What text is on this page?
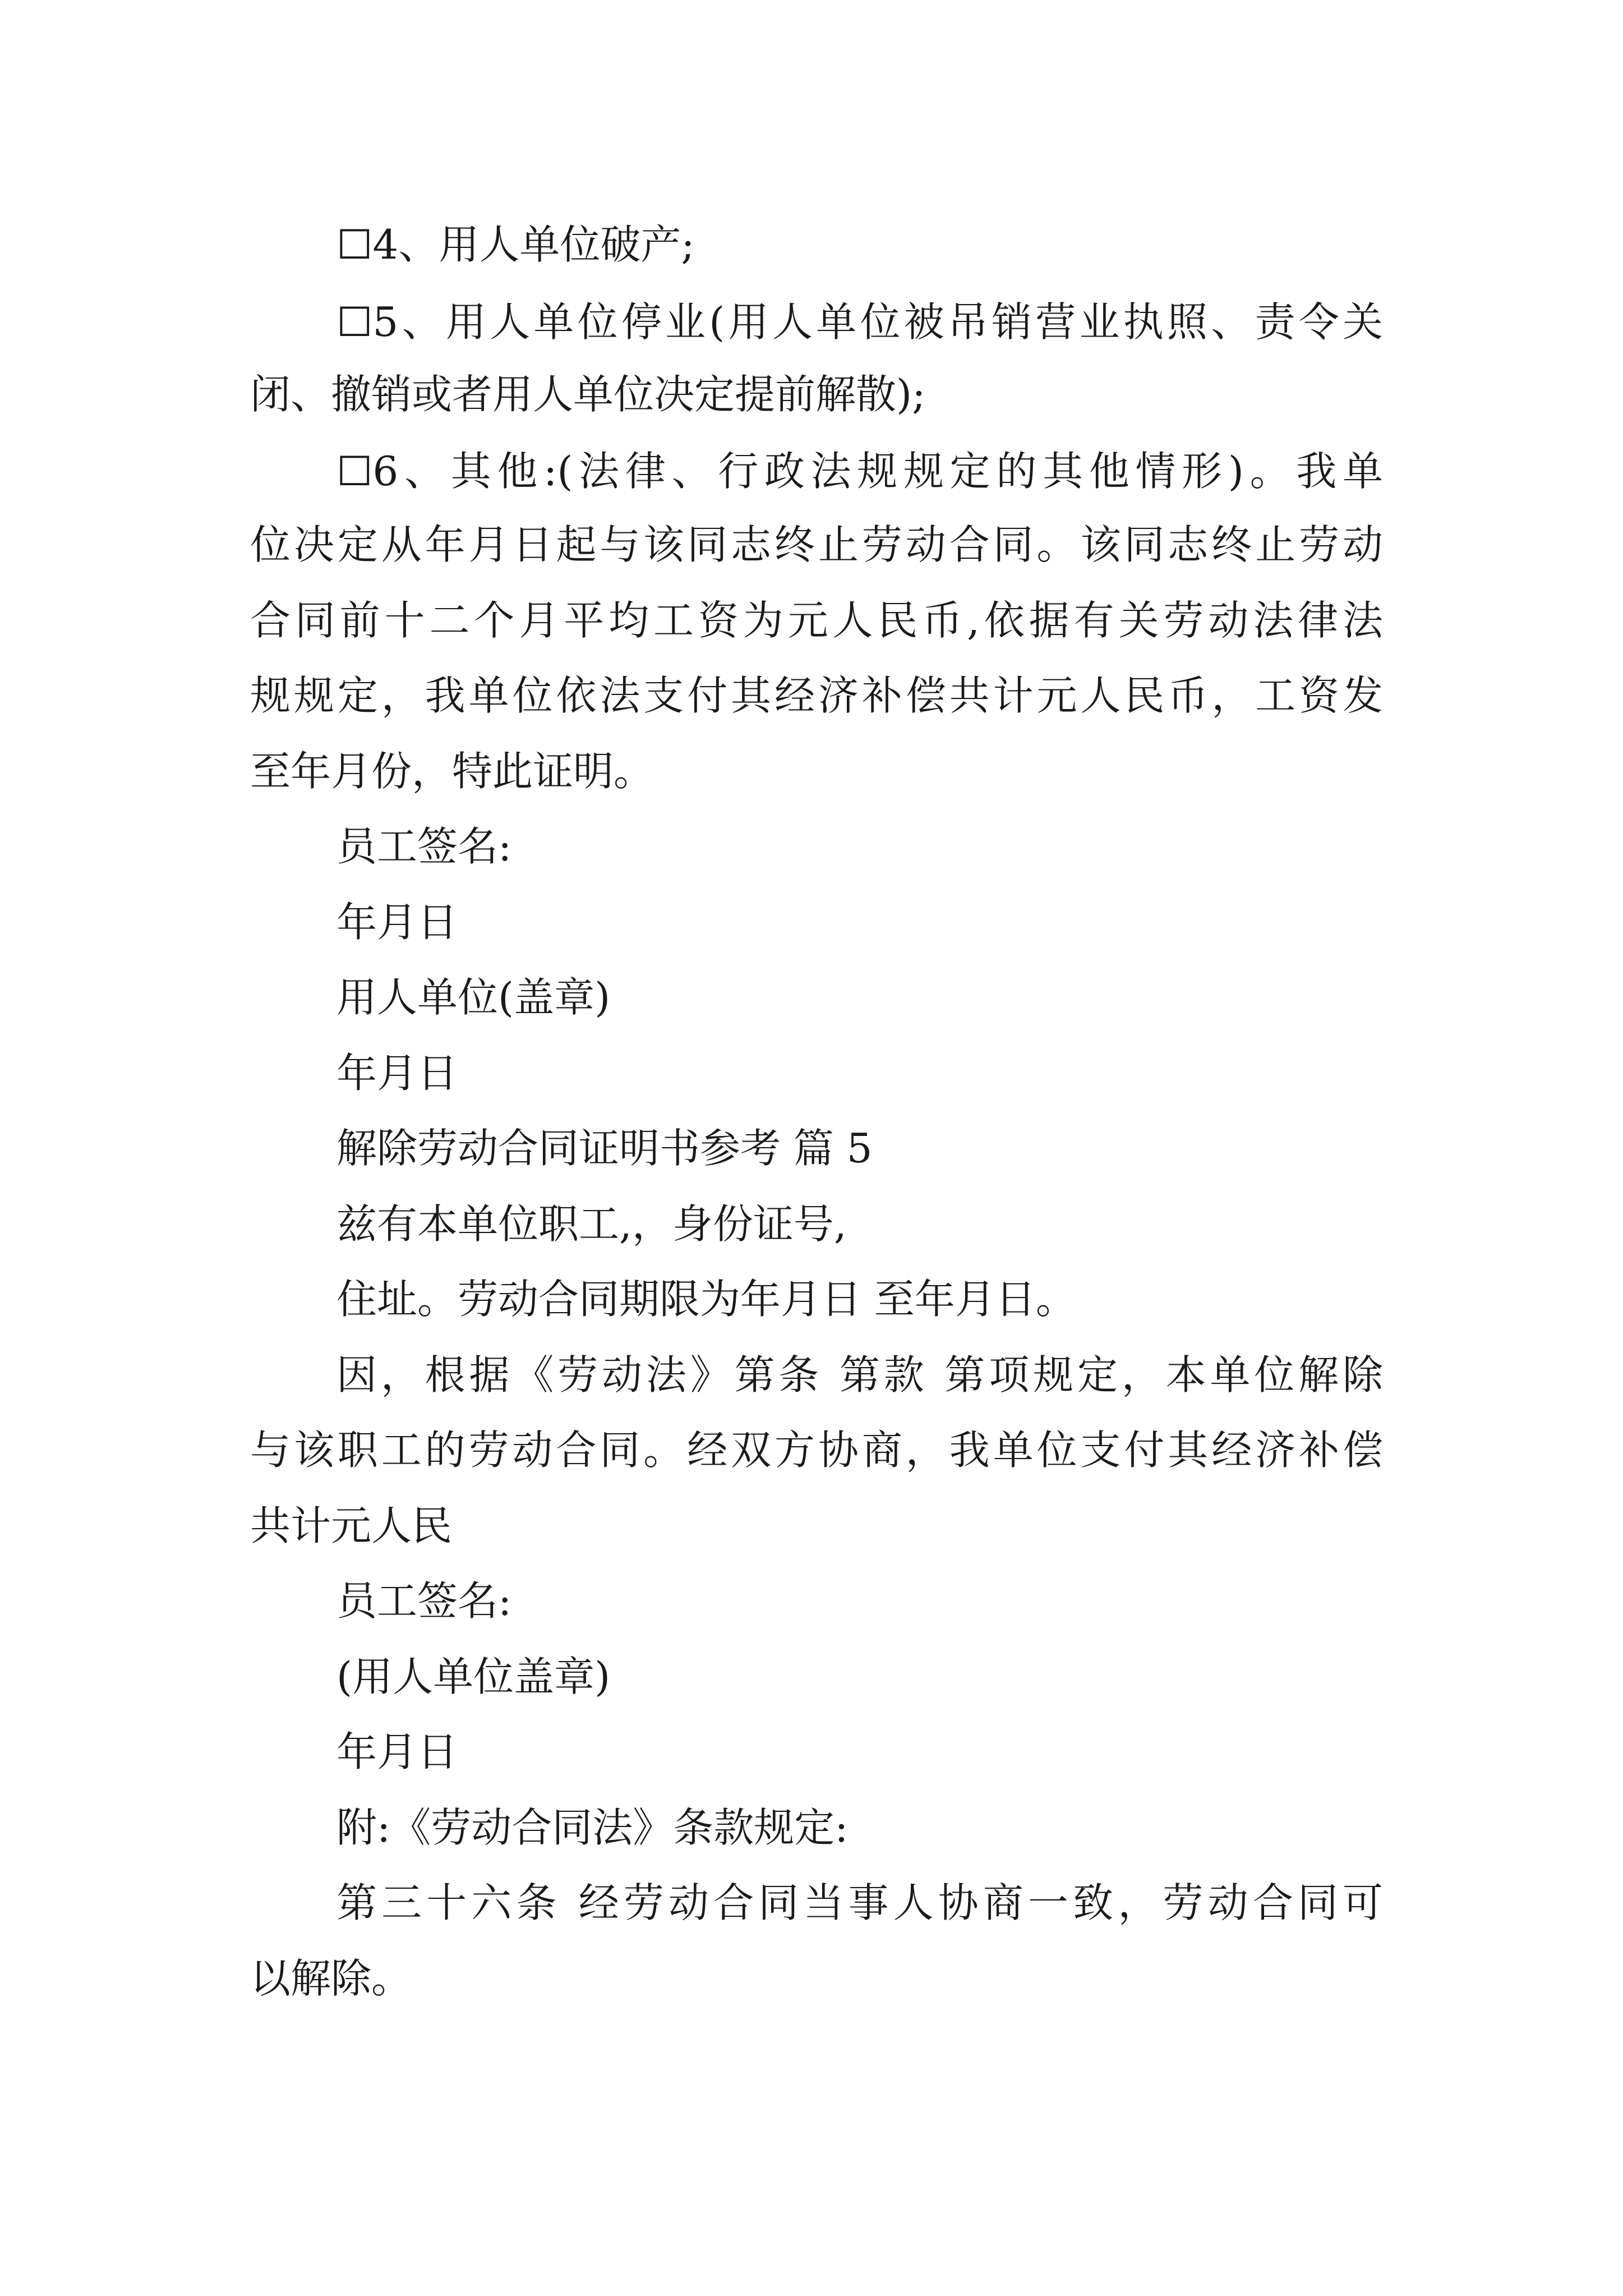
☐4、用人单位破产;
☐5、用人单位停业(用人单位被吊销营业执照、责令关
闭、撤销或者用人单位决定提前解散);
☐6、其他:(法律、行政法规规定的其他情形)。我单
位决定从年月日起与该同志终止劳动合同。该同志终止劳动
合同前十二个月平均工资为元人民币,依据有关劳动法律法
规规定，我单位依法支付其经济补偿共计元人民币，工资发
至年月份，特此证明。
员工签名:
年月日
用人单位(盖章)
年月日
解除劳动合同证明书参考 篇 5
兹有本单位职工,，身份证号,
住址。劳动合同期限为年月日 至年月日。
因，根据《劳动法》第条 第款 第项规定，本单位解除
与该职工的劳动合同。经双方协商，我单位支付其经济补偿
共计元人民
员工签名:
(用人单位盖章)
年月日
附:《劳动合同法》条款规定:
第三十六条 经劳动合同当事人协商一致，劳动合同可
以解除。
